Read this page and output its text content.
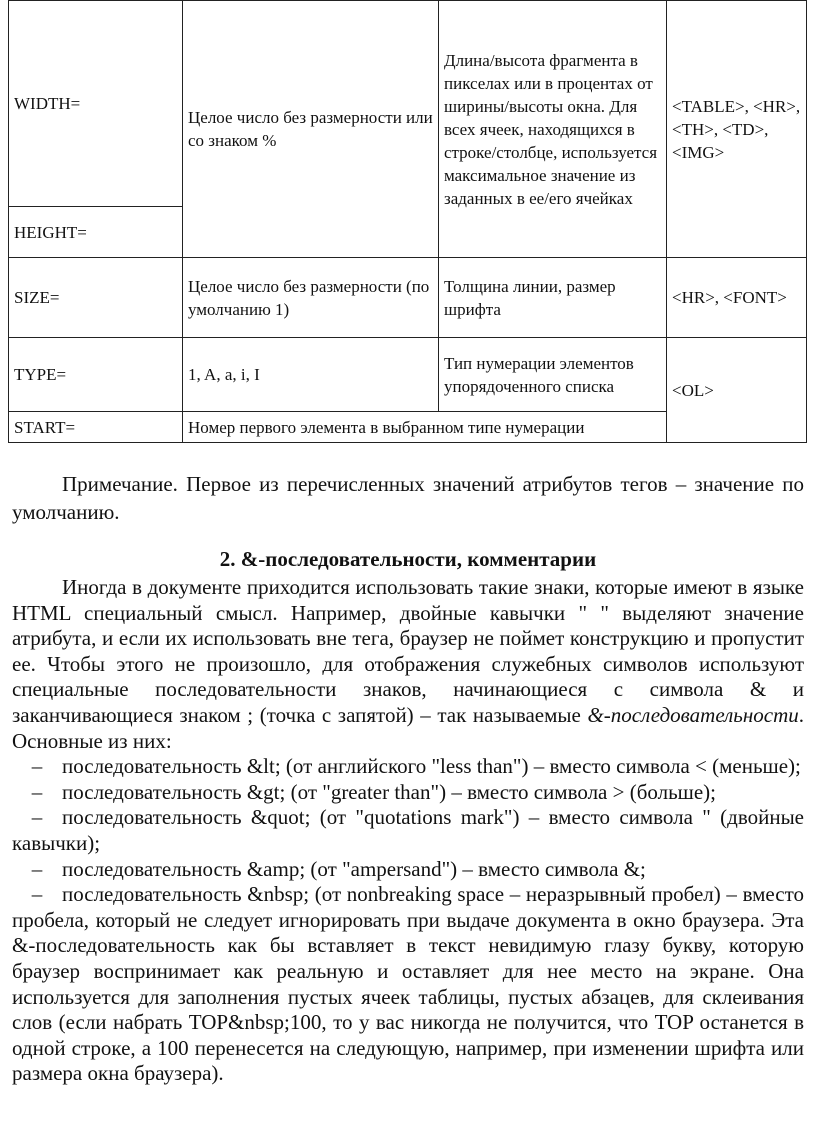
WIDTH=	Целое число без размерности или со знаком %	Длина/высота фрагмента в пикселах или в процентах от ширины/высоты окна. Для всех ячеек, находящихся в строке/столбце, используется максимальное значение из заданных в ее/его ячейках	<TABLE>, <HR>, <TH>, <TD>, <IMG>
HEIGHT=			
SIZE=	Целое число без размерности (по умолчанию 1)	Толщина линии, размер шрифта	<HR>, <FONT>
TYPE=	1, A, a, i, I	Тип нумерации элементов упорядоченного списка	<OL>
START=	Номер первого элемента в выбранном типе нумерации		

Примечание. Первое из перечисленных значений атрибутов тегов – значение по умолчанию.

2. &-последовательности, комментарии

Иногда в документе приходится использовать такие знаки, которые имеют в языке HTML специальный смысл. Например, двойные кавычки " " выделяют значение атрибута, и если их использовать вне тега, браузер не поймет конструкцию и пропустит ее. Чтобы этого не произошло, для отображения служебных символов используют специальные последовательности знаков, начинающиеся с символа & и заканчивающиеся знаком ; (точка с запятой) – так называемые &-последовательности. Основные из них:

– последовательность &lt; (от английского "less than") – вместо символа < (меньше);

– последовательность &gt; (от "greater than") – вместо символа > (больше);

– последовательность &quot; (от "quotations mark") – вместо символа " (двойные кавычки);

– последовательность &amp; (от "ampersand") – вместо символа &;

– последовательность &nbsp; (от nonbreaking space – неразрывный пробел) – вместо пробела, который не следует игнорировать при выдаче документа в окно браузера. Эта &-последовательность как бы вставляет в текст невидимую глазу букву, которую браузер воспринимает как реальную и оставляет для нее место на экране. Она используется для заполнения пустых ячеек таблицы, пустых абзацев, для склеивания слов (если набрать TOP&nbsp;100, то у вас никогда не получится, что TOP останется в одной строке, а 100 перенесется на следующую, например, при изменении шрифта или размера окна браузера).
